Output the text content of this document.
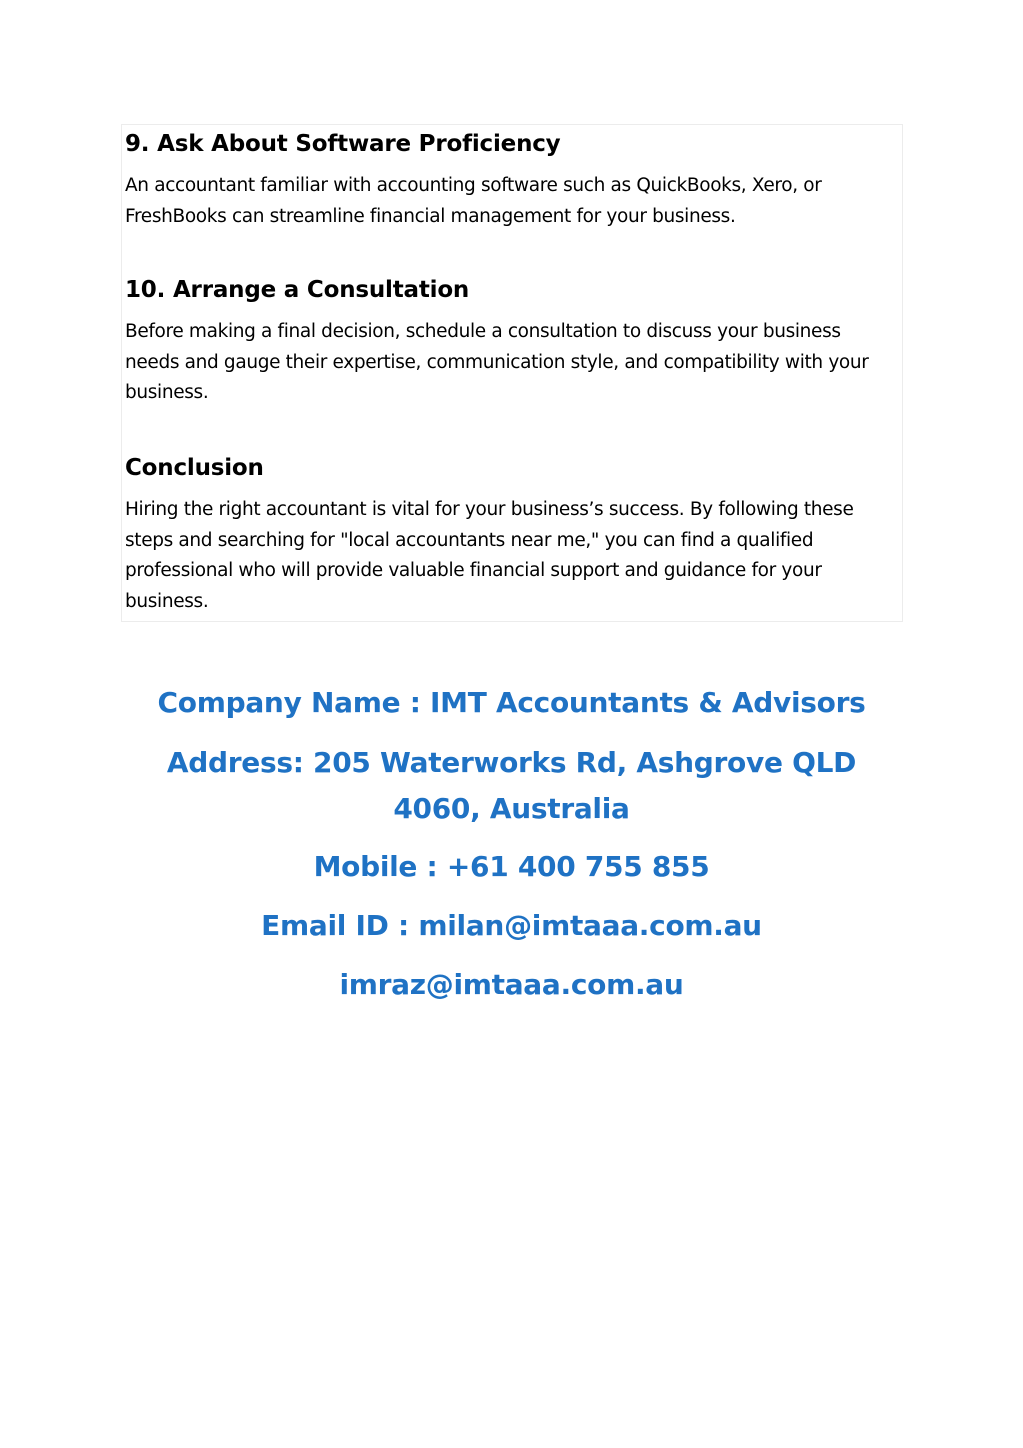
9. Ask About Software Proficiency

An accountant familiar with accounting software such as QuickBooks, Xero, or FreshBooks can streamline financial management for your business.

10. Arrange a Consultation

Before making a final decision, schedule a consultation to discuss your business needs and gauge their expertise, communication style, and compatibility with your business.

Conclusion

Hiring the right accountant is vital for your business’s success. By following these steps and searching for "local accountants near me," you can find a qualified professional who will provide valuable financial support and guidance for your business.

Company Name : IMT Accountants & Advisors
Address: 205 Waterworks Rd, Ashgrove QLD 4060, Australia
Mobile : +61 400 755 855
Email ID : milan@imtaaa.com.au
imraz@imtaaa.com.au
